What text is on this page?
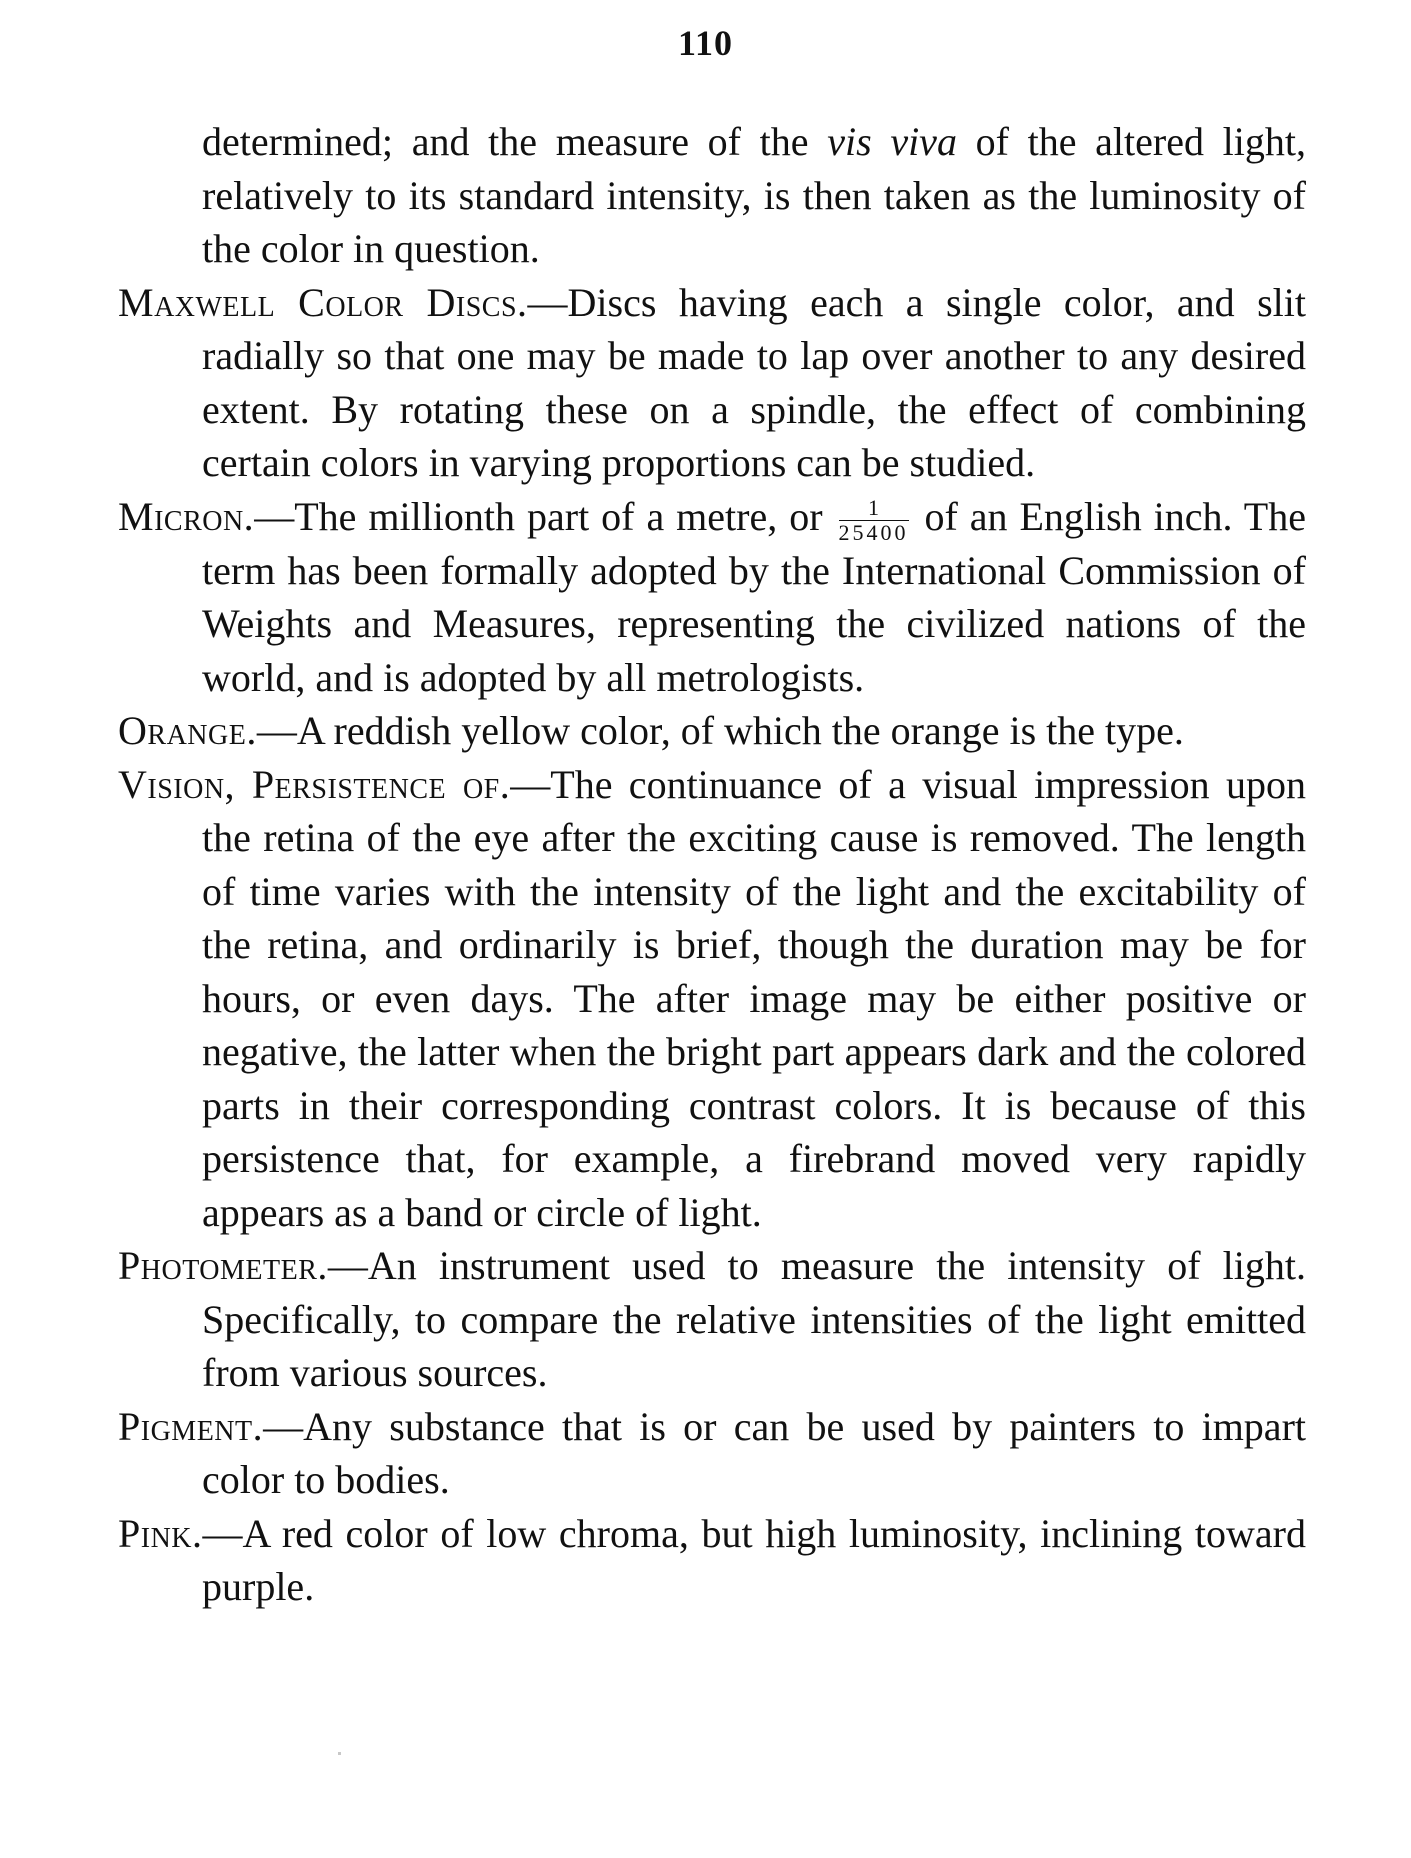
110

determined; and the measure of the vis viva of the altered light, relatively to its standard intensity, is then taken as the luminosity of the color in question.

Maxwell Color Discs.—Discs having each a single color, and slit radially so that one may be made to lap over another to any desired extent. By rotating these on a spindle, the effect of combining certain colors in varying proportions can be studied.

Micron.—The millionth part of a metre, or $\frac{1}{25400}$ of an English inch. The term has been formally adopted by the International Commission of Weights and Measures, representing the civilized nations of the world, and is adopted by all metrologists.

Orange.—A reddish yellow color, of which the orange is the type.

Vision, Persistence of.—The continuance of a visual impression upon the retina of the eye after the exciting cause is removed. The length of time varies with the intensity of the light and the excitability of the retina, and ordinarily is brief, though the duration may be for hours, or even days. The after image may be either positive or negative, the latter when the bright part appears dark and the colored parts in their corresponding contrast colors. It is because of this persistence that, for example, a firebrand moved very rapidly appears as a band or circle of light.

Photometer.—An instrument used to measure the intensity of light. Specifically, to compare the relative intensities of the light emitted from various sources.

Pigment.—Any substance that is or can be used by painters to impart color to bodies.

Pink.—A red color of low chroma, but high luminosity, inclining toward purple.
